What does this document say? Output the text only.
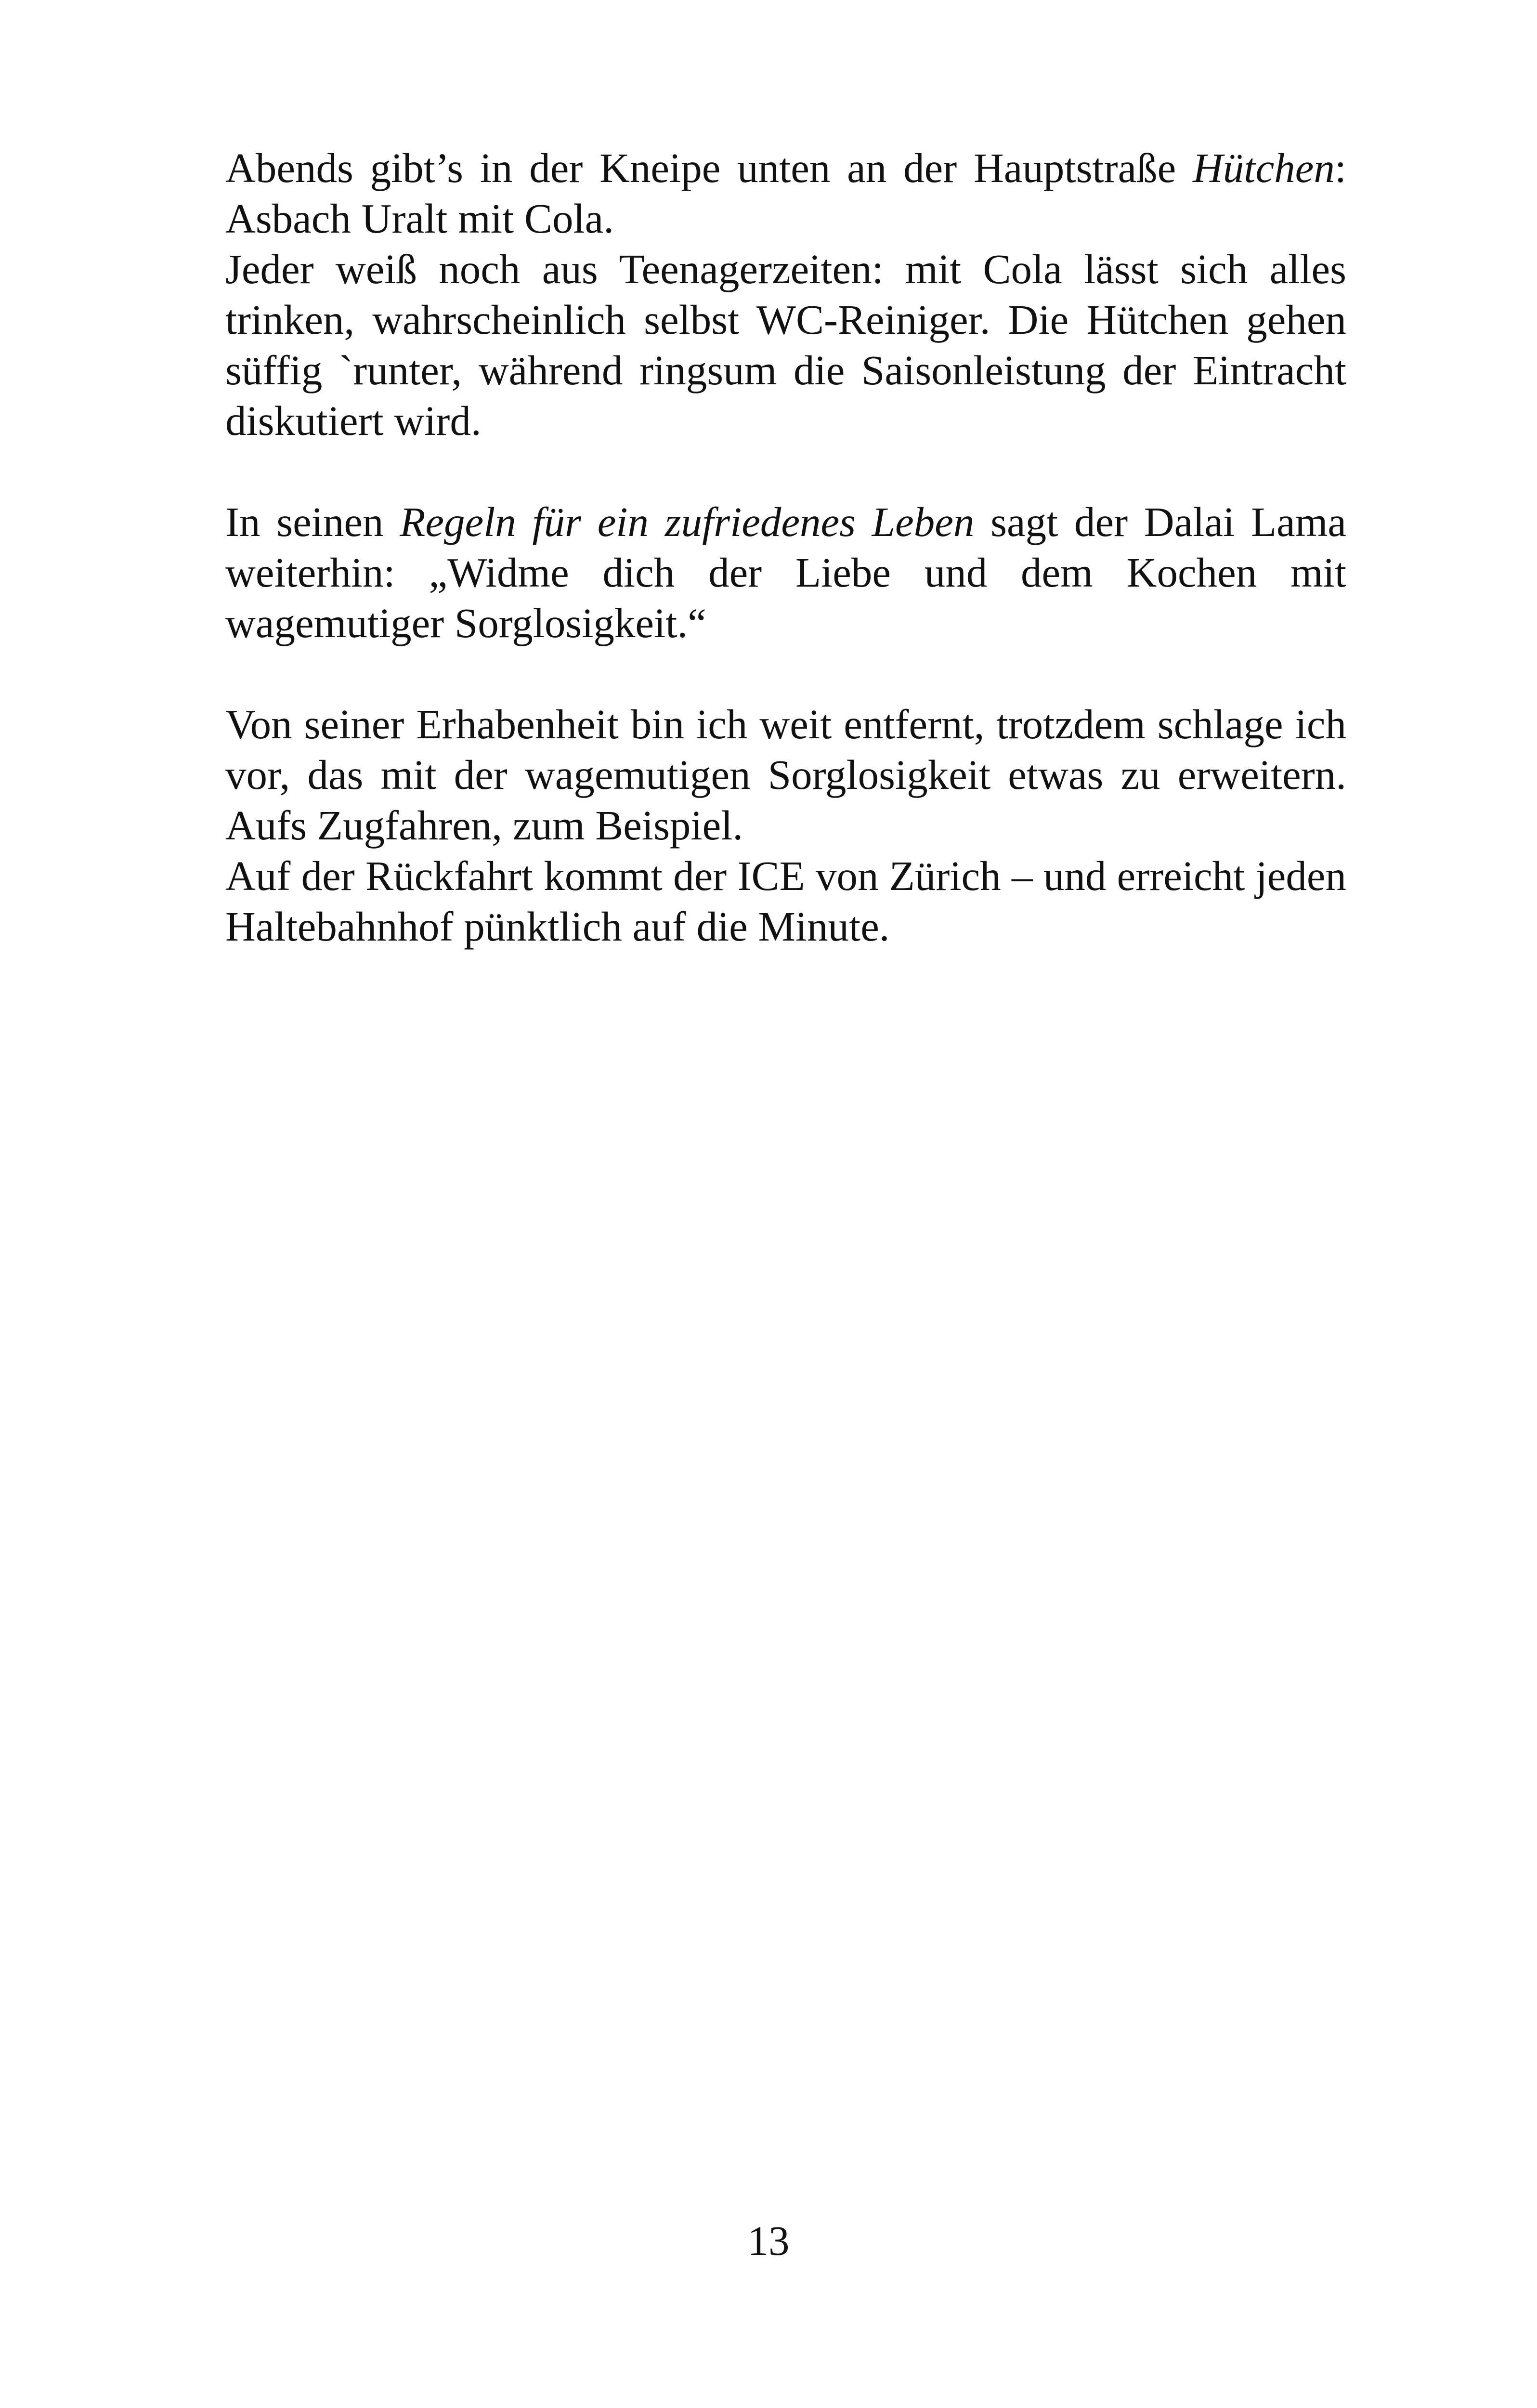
Abends gibt’s in der Kneipe unten an der Hauptstraße Hütchen: Asbach Uralt mit Cola.

Jeder weiß noch aus Teenagerzeiten: mit Cola lässt sich alles trinken, wahrscheinlich selbst WC-Reiniger. Die Hütchen gehen süffig `runter, während ringsum die Saisonleistung der Eintracht diskutiert wird.

In seinen Regeln für ein zufriedenes Leben sagt der Dalai Lama weiterhin: „Widme dich der Liebe und dem Kochen mit wagemutiger Sorglosigkeit.“

Von seiner Erhabenheit bin ich weit entfernt, trotzdem schlage ich vor, das mit der wagemutigen Sorglosigkeit etwas zu erweitern. Aufs Zugfahren, zum Beispiel.

Auf der Rückfahrt kommt der ICE von Zürich – und erreicht jeden Haltebahnhof pünktlich auf die Minute.

13
